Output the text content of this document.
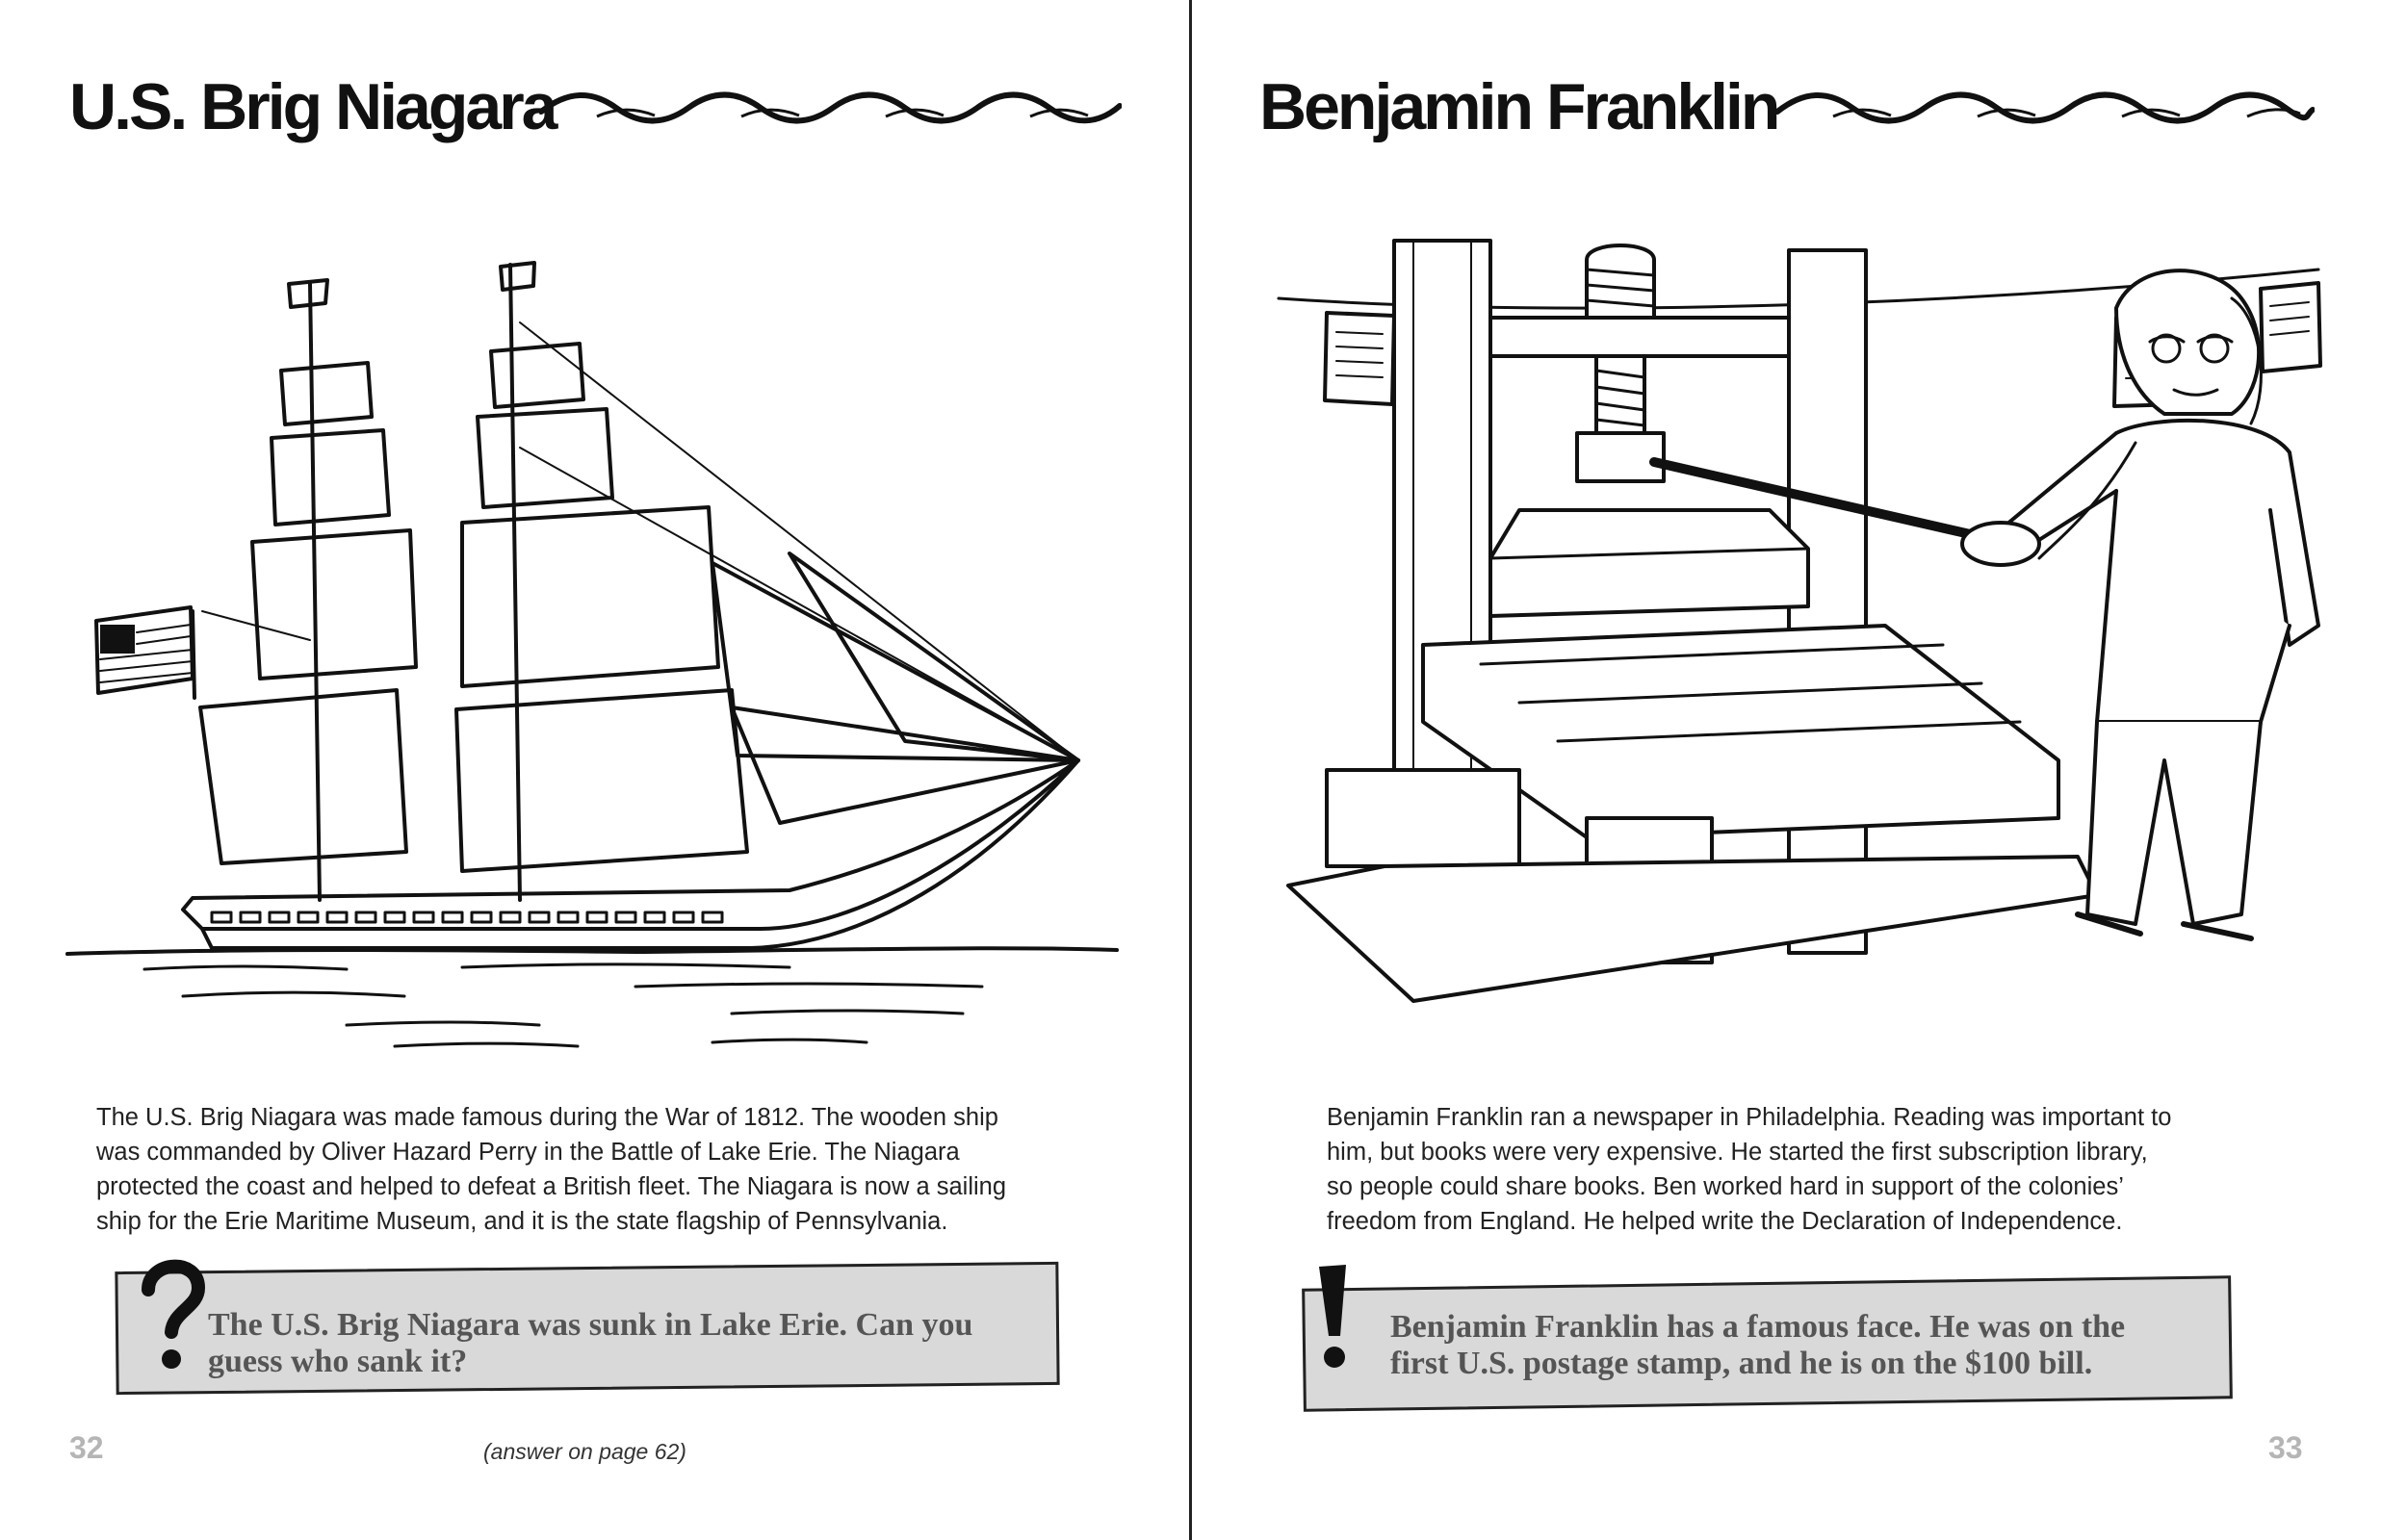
U.S. Brig Niagara
The U.S. Brig Niagara was made famous during the War of 1812. The wooden ship
was commanded by Oliver Hazard Perry in the Battle of Lake Erie. The Niagara
protected the coast and helped to defeat a British fleet. The Niagara is now a sailing
ship for the Erie Maritime Museum, and it is the state flagship of Pennsylvania.
The U.S. Brig Niagara was sunk in Lake Erie. Can you
guess who sank it?
32	(answer on page 62)
Benjamin Franklin
Benjamin Franklin ran a newspaper in Philadelphia. Reading was important to
him, but books were very expensive. He started the first subscription library,
so people could share books. Ben worked hard in support of the colonies’
freedom from England. He helped write the Declaration of Independence.
Benjamin Franklin has a famous face. He was on the
first U.S. postage stamp, and he is on the $100 bill.
33
